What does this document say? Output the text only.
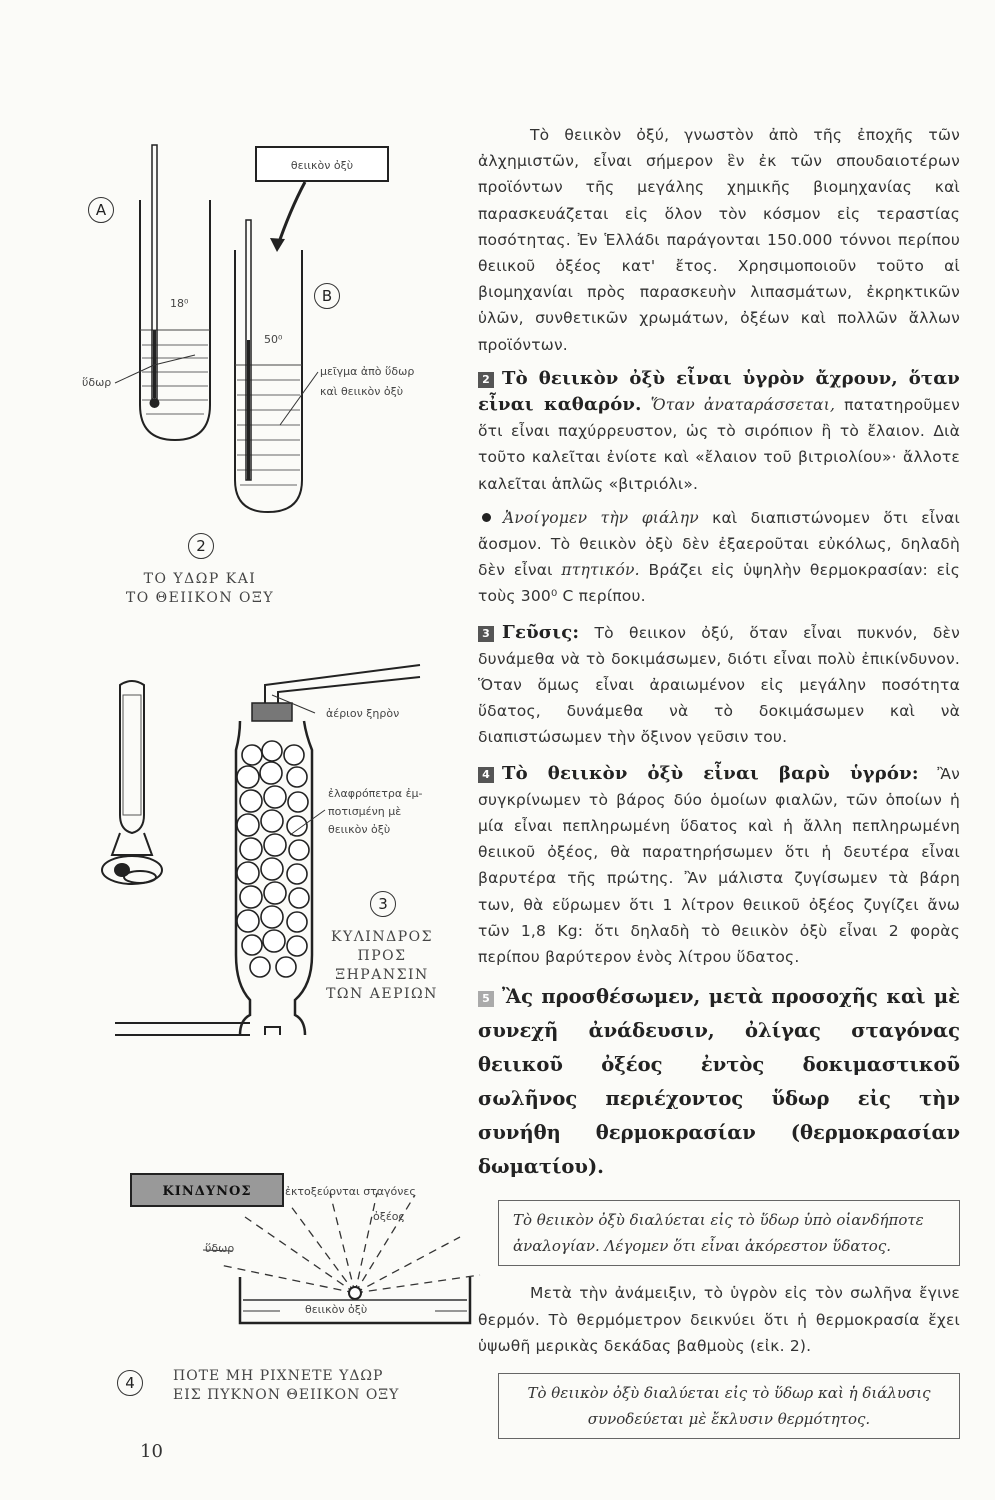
θειικὸν ὀξὺ
A
B
18⁰
50⁰
ὕδωρ
μεῖγμα ἀπὸ ὕδωρ
καὶ θειικὸν ὀξὺ
2
ΤΟ ΥΔΩΡ ΚΑΙ
ΤΟ ΘΕΙΙΚΟΝ ΟΞΥ
ἀέριον ξηρὸν
ἐλαφρόπετρα ἐμ-
ποτισμένη μὲ
θειικὸν ὀξὺ
3
ΚΥΛΙΝΔΡΟΣ
ΠΡΟΣ
ΞΗΡΑΝΣΙΝ
ΤΩΝ ΑΕΡΙΩΝ
ΚΙΝΔΥΝΟΣ	ἐκτοξεύονται σταγόνες
ὀξέος
ὕδωρ
θειικὸν ὀξὺ
4	ΠΟΤΕ ΜΗ ΡΙΧΝΕΤΕ ΥΔΩΡ
ΕΙΣ ΠΥΚΝΟΝ ΘΕΙΙΚΟΝ ΟΞΥ
10

Τὸ θειικὸν ὀξύ, γνωστὸν ἀπὸ τῆς ἐποχῆς τῶν ἀλχημιστῶν, εἶναι σήμερον ἓν ἐκ τῶν σπουδαιοτέρων προϊόντων τῆς μεγάλης χημικῆς βιομηχανίας καὶ παρασκευάζεται εἰς ὅλον τὸν κόσμον εἰς τεραστίας ποσότητας. Ἐν Ἑλλάδι παράγονται 150.000 τόννοι περίπου θειικοῦ ὀξέος κατ' ἔτος. Χρησιμοποιοῦν τοῦτο αἱ βιομηχανίαι πρὸς παρασκευὴν λιπασμάτων, ἐκρηκτικῶν ὑλῶν, συνθετικῶν χρωμάτων, ὀξέων καὶ πολλῶν ἄλλων προϊόντων.

2 Τὸ θειικὸν ὀξὺ εἶναι ὑγρὸν ἄχρουν, ὅταν εἶναι καθαρόν. Ὅταν ἀναταράσσεται, πατατηροῦμεν ὅτι εἶναι παχύρρευστον, ὡς τὸ σιρόπιον ἢ τὸ ἔλαιον. Διὰ τοῦτο καλεῖται ἐνίοτε καὶ «ἔλαιον τοῦ βιτριολίου»· ἄλλοτε καλεῖται ἁπλῶς «βιτριόλι».

Ἀνοίγομεν τὴν φιάλην καὶ διαπιστώνομεν ὅτι εἶναι ἄοσμον. Τὸ θειικὸν ὀξὺ δὲν ἐξαεροῦται εὐκόλως, δηλαδὴ δὲν εἶναι πτητικόν. Βράζει εἰς ὑψηλὴν θερμοκρασίαν: εἰς τοὺς 300⁰ C περίπου.

3 Γεῦσις: Τὸ θειικον ὀξύ, ὅταν εἶναι πυκνόν, δὲν δυνάμεθα νὰ τὸ δοκιμάσωμεν, διότι εἶναι πολὺ ἐπικίνδυνον. Ὅταν ὅμως εἶναι ἀραιωμένον εἰς μεγάλην ποσότητα ὕδατος, δυνάμεθα νὰ τὸ δοκιμάσωμεν καὶ νὰ διαπιστώσωμεν τὴν ὄξινον γεῦσιν του.

4 Τὸ θειικὸν ὀξὺ εἶναι βαρὺ ὑγρόν: Ἂν συγκρίνωμεν τὸ βάρος δύο ὁμοίων φιαλῶν, τῶν ὁποίων ἡ μία εἶναι πεπληρωμένη ὕδατος καὶ ἡ ἄλλη πεπληρωμένη θειικοῦ ὀξέος, θὰ παρατηρήσωμεν ὅτι ἡ δευτέρα εἶναι βαρυτέρα τῆς πρώτης. Ἂν μάλιστα ζυγίσωμεν τὰ βάρη των, θὰ εὕρωμεν ὅτι 1 λίτρον θειικοῦ ὀξέος ζυγίζει ἄνω τῶν 1,8 Kg: ὅτι δηλαδὴ τὸ θειικὸν ὀξὺ εἶναι 2 φορὰς περίπου βαρύτερον ἑνὸς λίτρου ὕδατος.

5 Ἂς προσθέσωμεν, μετὰ προσοχῆς καὶ μὲ συνεχῆ ἀνάδευσιν, ὀλίγας σταγόνας θειικοῦ ὀξέος ἐντὸς δοκιμαστικοῦ σωλῆνος περιέχοντος ὕδωρ εἰς τὴν συνήθη θερμοκρασίαν (θερμοκρασίαν δωματίου).

Τὸ θειικὸν ὀξὺ διαλύεται εἰς τὸ ὕδωρ ὑπὸ οἱανδήποτε ἀναλογίαν. Λέγομεν ὅτι εἶναι ἀκόρεστον ὕδατος.

Μετὰ τὴν ἀνάμειξιν, τὸ ὑγρὸν εἰς τὸν σωλῆνα ἔγινε θερμόν. Τὸ θερμόμετρον δεικνύει ὅτι ἡ θερμοκρασία ἔχει ὑψωθῆ μερικὰς δεκάδας βαθμοὺς (εἰκ. 2).

Τὸ θειικὸν ὀξὺ διαλύεται εἰς τὸ ὕδωρ καὶ ἡ διάλυσις συνοδεύεται μὲ ἔκλυσιν θερμότητος.
